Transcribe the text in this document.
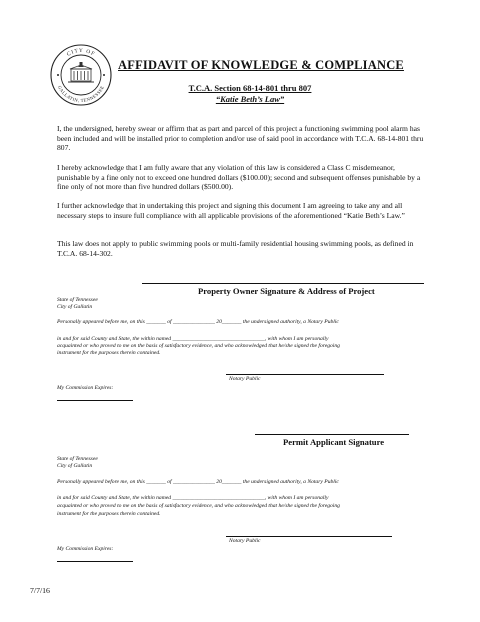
CITY OF
GALLATIN, TENNESSEE
AFFIDAVIT OF KNOWLEDGE & COMPLIANCE
T.C.A. Section 68-14-801 thru 807
“Katie Beth’s Law”
I, the undersigned, hereby swear or affirm that as part and parcel of this project a functioning swimming pool alarm has been included and will be installed prior to completion and/or use of said pool in accordance with T.C.A. 68-14-801 thru 807.
I hereby acknowledge that I am fully aware that any violation of this law is considered a Class C misdemeanor, punishable by a fine only not to exceed one hundred dollars ($100.00); second and subsequent offenses punishable by a fine only of not more than five hundred dollars ($500.00).
I further acknowledge that in undertaking this project and signing this document I am agreeing to take any and all necessary steps to insure full compliance with all applicable provisions of the aforementioned “Katie Beth’s Law.”
This law does not apply to public swimming pools or multi-family residential housing swimming pools, as defined in T.C.A. 68-14-302.
Property Owner Signature & Address of Project
State of Tennessee
City of Gallatin
Personally appeared before me, on this _______ of _______________ 20_______ the undersigned authority, a Notary Public
in and for said County and State, the within named _________________________________, with whom I am personally
acquainted or who proved to me on the basis of satisfactory evidence, and who acknowledged that he/she signed the foregoing
instrument for the purposes therein contained.
Notary Public
My Commission Expires:
Permit Applicant Signature
State of Tennessee
City of Gallatin
Personally appeared before me, on this _______ of _______________ 20_______ the undersigned authority, a Notary Public
in and for said County and State, the within named _________________________________, with whom I am personally
acquainted or who proved to me on the basis of satisfactory evidence, and who acknowledged that he/she signed the foregoing
instrument for the purposes therein contained.
Notary Public
My Commission Expires:
7/7/16
